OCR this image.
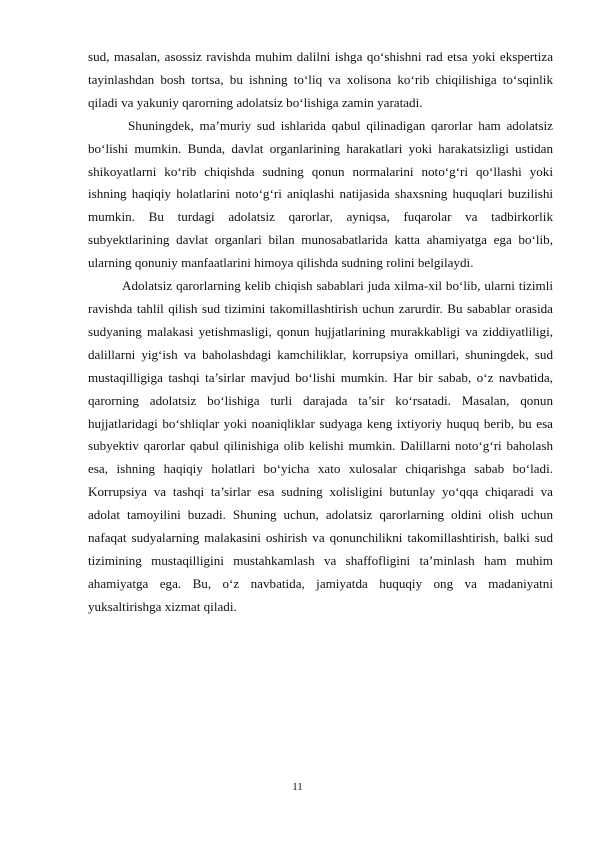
sud, masalan, asossiz ravishda muhim dalilni ishga qo‘shishni rad etsa yoki ekspertiza tayinlashdan bosh tortsa, bu ishning to‘liq va xolisona ko‘rib chiqilishiga to‘sqinlik qiladi va yakuniy qarorning adolatsiz bo‘lishiga zamin yaratadi.

Shuningdek, ma’muriy sud ishlarida qabul qilinadigan qarorlar ham adolatsiz bo‘lishi mumkin. Bunda, davlat organlarining harakatlari yoki harakatsizligi ustidan shikoyatlarni ko‘rib chiqishda sudning qonun normalarini noto‘g‘ri qo‘llashi yoki ishning haqiqiy holatlarini noto‘g‘ri aniqlashi natijasida shaxsning huquqlari buzilishi mumkin. Bu turdagi adolatsiz qarorlar, ayniqsa, fuqarolar va tadbirkorlik subyektlarining davlat organlari bilan munosabatlarida katta ahamiyatga ega bo‘lib, ularning qonuniy manfaatlarini himoya qilishda sudning rolini belgilaydi.

Adolatsiz qarorlarning kelib chiqish sabablari juda xilma-xil bo‘lib, ularni tizimli ravishda tahlil qilish sud tizimini takomillashtirish uchun zarurdir. Bu sabablar orasida sudyaning malakasi yetishmasligi, qonun hujjatlarining murakkabligi va ziddiyatliligi, dalillarni yig‘ish va baholashdagi kamchiliklar, korrupsiya omillari, shuningdek, sud mustaqilligiga tashqi ta’sirlar mavjud bo‘lishi mumkin. Har bir sabab, o‘z navbatida, qarorning adolatsiz bo‘lishiga turli darajada ta’sir ko‘rsatadi. Masalan, qonun hujjatlaridagi bo‘shliqlar yoki noaniqliklar sudyaga keng ixtiyoriy huquq berib, bu esa subyektiv qarorlar qabul qilinishiga olib kelishi mumkin. Dalillarni noto‘g‘ri baholash esa, ishning haqiqiy holatlari bo‘yicha xato xulosalar chiqarishga sabab bo‘ladi. Korrupsiya va tashqi ta’sirlar esa sudning xolisligini butunlay yo‘qqa chiqaradi va adolat tamoyilini buzadi. Shuning uchun, adolatsiz qarorlarning oldini olish uchun nafaqat sudyalarning malakasini oshirish va qonunchilikni takomillashtirish, balki sud tizimining mustaqilligini mustahkamlash va shaffofligini ta’minlash ham muhim ahamiyatga ega. Bu, o‘z navbatida, jamiyatda huquqiy ong va madaniyatni yuksaltirishga xizmat qiladi.

11
